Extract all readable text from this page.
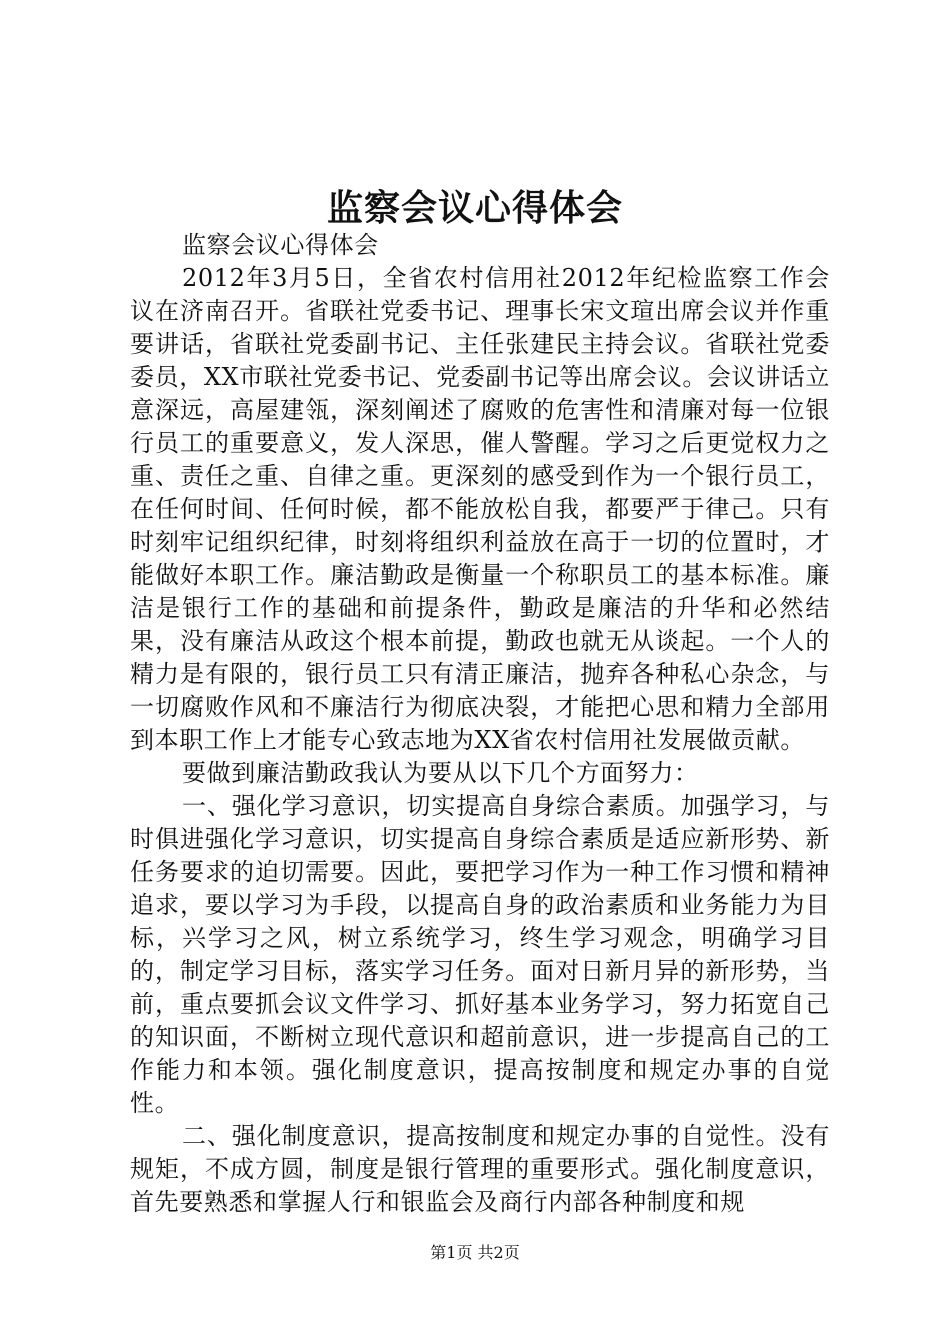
监察会议心得体会

监察会议心得体会

2012年3月5日，全省农村信用社2012年纪检监察工作会议在济南召开。省联社党委书记、理事长宋文瑄出席会议并作重要讲话，省联社党委副书记、主任张建民主持会议。省联社党委委员，XX市联社党委书记、党委副书记等出席会议。会议讲话立意深远，高屋建瓴，深刻阐述了腐败的危害性和清廉对每一位银行员工的重要意义，发人深思，催人警醒。学习之后更觉权力之重、责任之重、自律之重。更深刻的感受到作为一个银行员工，在任何时间、任何时候，都不能放松自我，都要严于律己。只有时刻牢记组织纪律，时刻将组织利益放在高于一切的位置时，才能做好本职工作。廉洁勤政是衡量一个称职员工的基本标准。廉洁是银行工作的基础和前提条件，勤政是廉洁的升华和必然结果，没有廉洁从政这个根本前提，勤政也就无从谈起。一个人的精力是有限的，银行员工只有清正廉洁，抛弃各种私心杂念，与一切腐败作风和不廉洁行为彻底决裂，才能把心思和精力全部用到本职工作上才能专心致志地为XX省农村信用社发展做贡献。

要做到廉洁勤政我认为要从以下几个方面努力：

一、强化学习意识，切实提高自身综合素质。加强学习，与时俱进强化学习意识，切实提高自身综合素质是适应新形势、新任务要求的迫切需要。因此，要把学习作为一种工作习惯和精神追求，要以学习为手段，以提高自身的政治素质和业务能力为目标，兴学习之风，树立系统学习，终生学习观念，明确学习目的，制定学习目标，落实学习任务。面对日新月异的新形势，当前，重点要抓会议文件学习、抓好基本业务学习，努力拓宽自己的知识面，不断树立现代意识和超前意识，进一步提高自己的工作能力和本领。强化制度意识，提高按制度和规定办事的自觉性。

二、强化制度意识，提高按制度和规定办事的自觉性。没有规矩，不成方圆，制度是银行管理的重要形式。强化制度意识，首先要熟悉和掌握人行和银监会及商行内部各种制度和规

第1页 共2页
